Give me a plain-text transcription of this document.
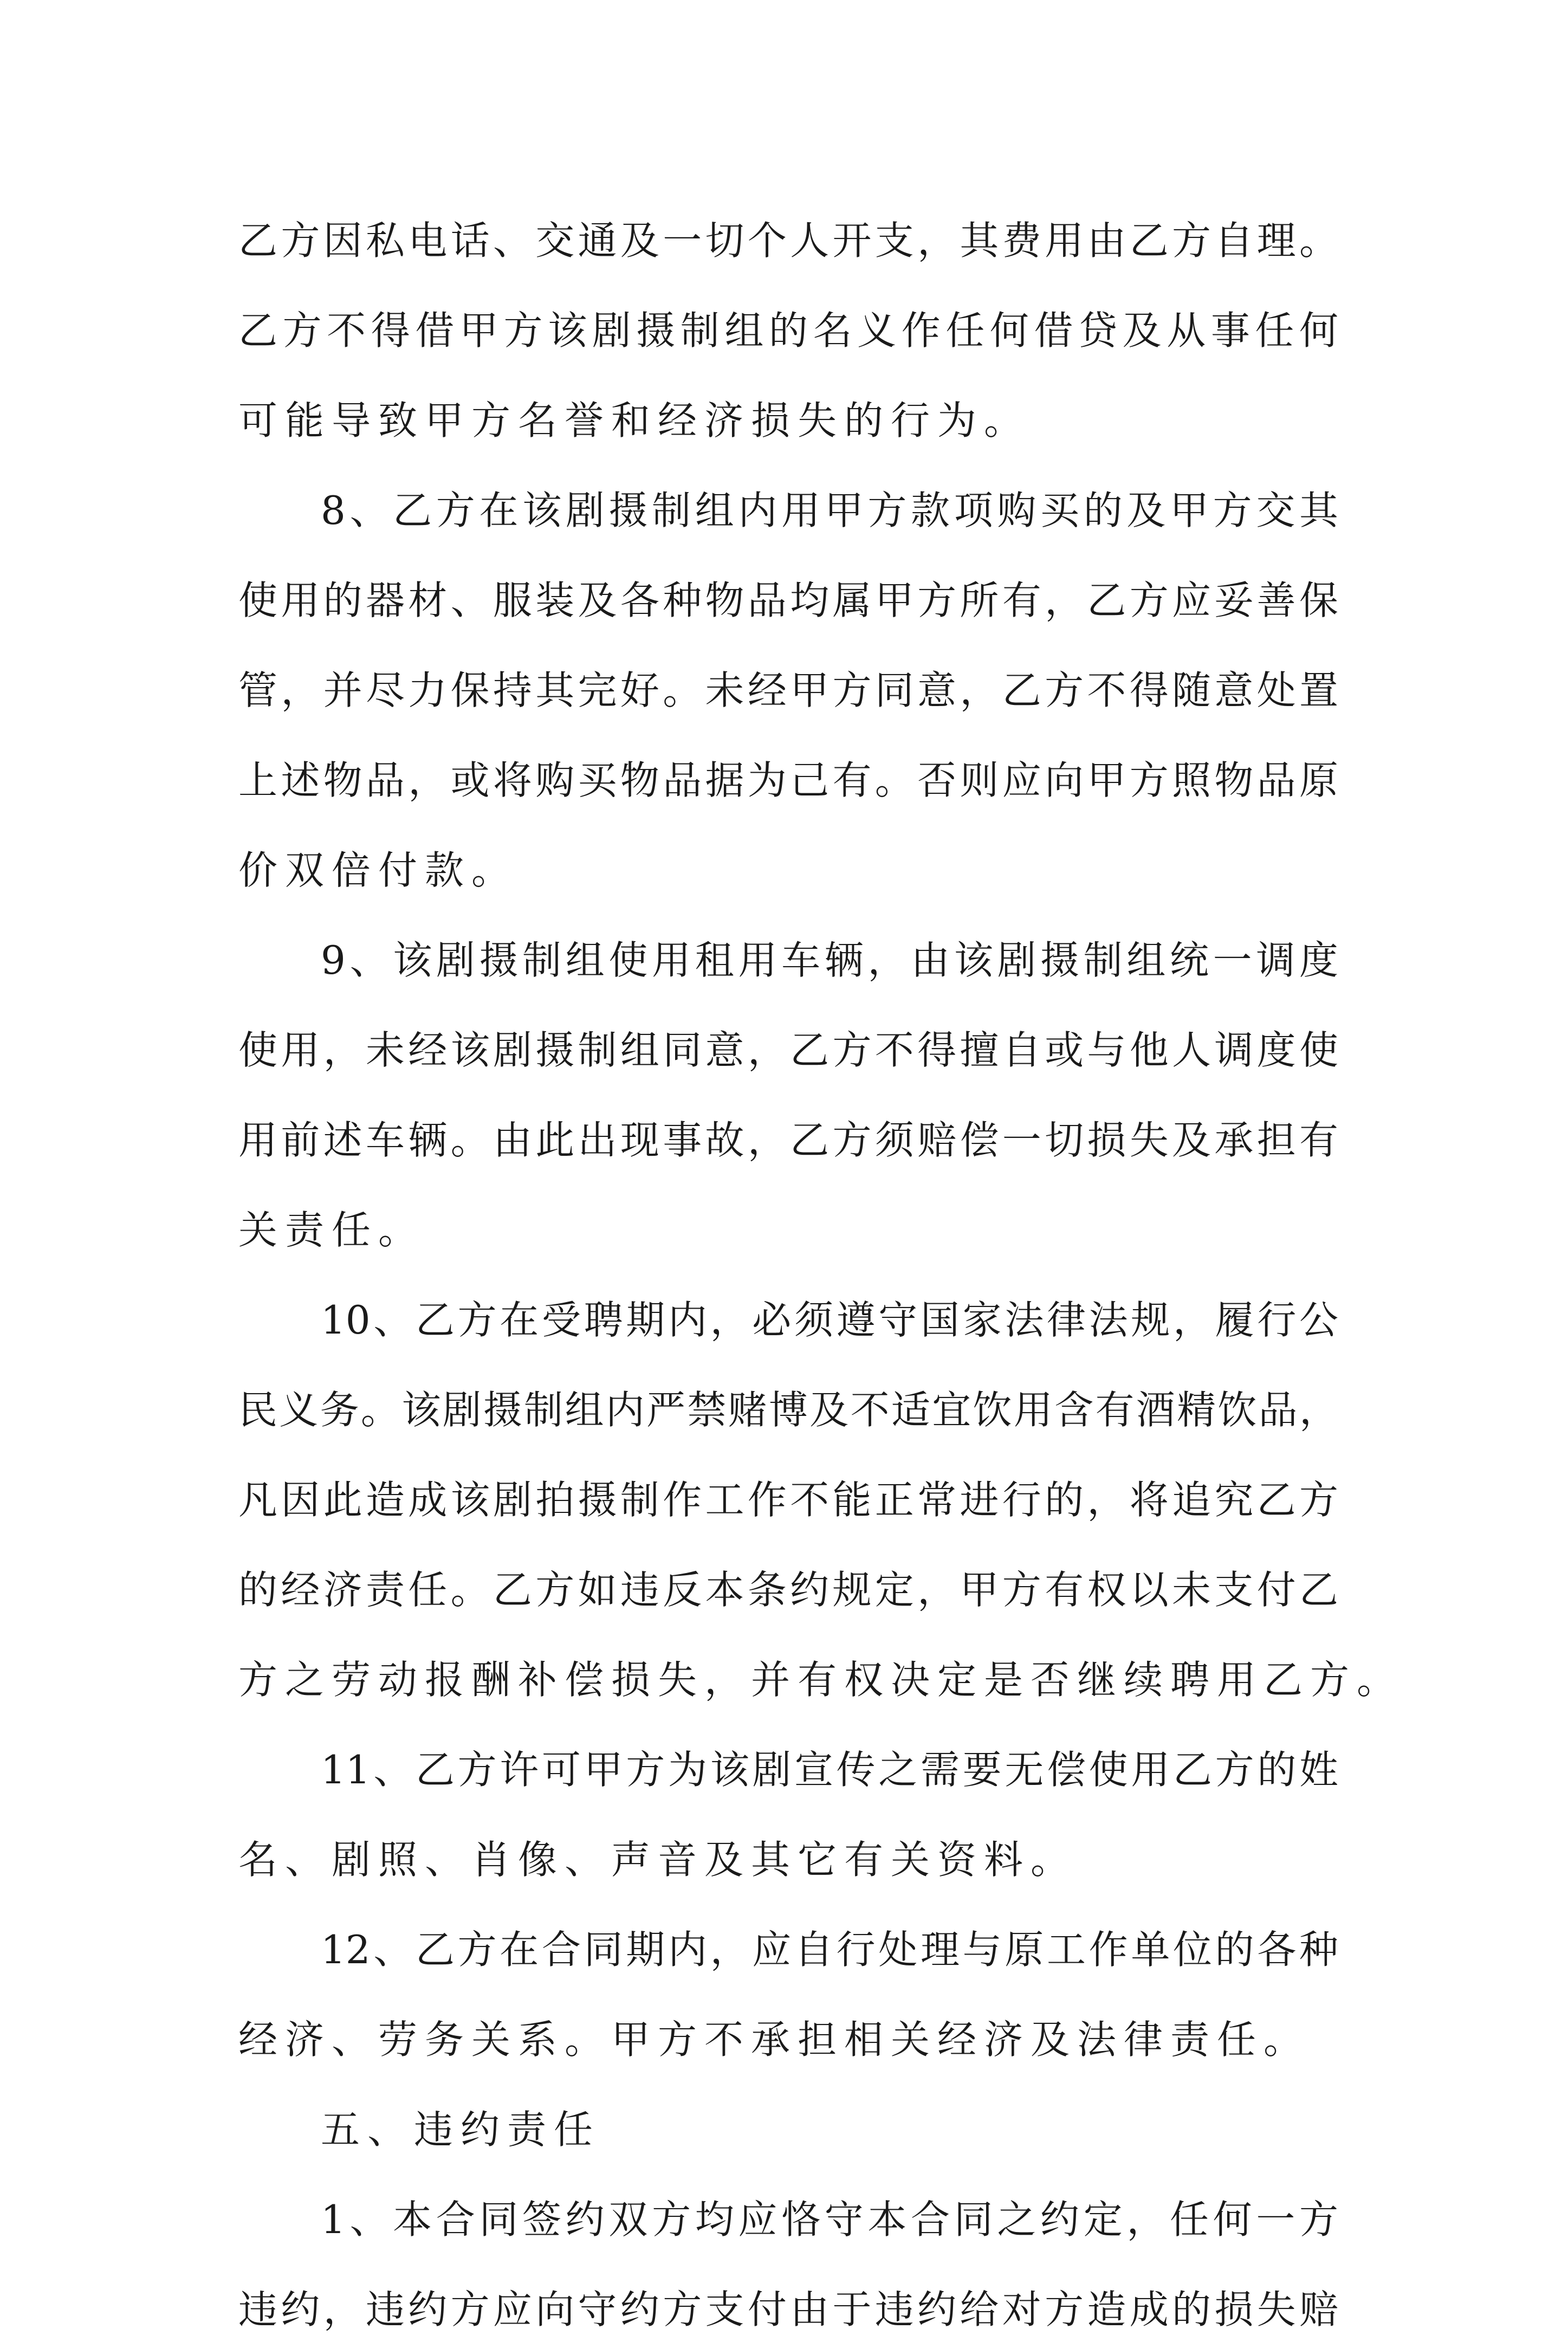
乙方因私电话、交通及一切个人开支，其费用由乙方自理。
乙方不得借甲方该剧摄制组的名义作任何借贷及从事任何
可能导致甲方名誉和经济损失的行为。
8、乙方在该剧摄制组内用甲方款项购买的及甲方交其
使用的器材、服装及各种物品均属甲方所有，乙方应妥善保
管，并尽力保持其完好。未经甲方同意，乙方不得随意处置
上述物品，或将购买物品据为己有。否则应向甲方照物品原
价双倍付款。
9、该剧摄制组使用租用车辆，由该剧摄制组统一调度
使用，未经该剧摄制组同意，乙方不得擅自或与他人调度使
用前述车辆。由此出现事故，乙方须赔偿一切损失及承担有
关责任。
10、乙方在受聘期内，必须遵守国家法律法规，履行公
民义务。该剧摄制组内严禁赌博及不适宜饮用含有酒精饮品，
凡因此造成该剧拍摄制作工作不能正常进行的，将追究乙方
的经济责任。乙方如违反本条约规定，甲方有权以未支付乙
方之劳动报酬补偿损失，并有权决定是否继续聘用乙方。
11、乙方许可甲方为该剧宣传之需要无偿使用乙方的姓
名、剧照、肖像、声音及其它有关资料。
12、乙方在合同期内，应自行处理与原工作单位的各种
经济、劳务关系。甲方不承担相关经济及法律责任。
五、违约责任
1、本合同签约双方均应恪守本合同之约定，任何一方
违约，违约方应向守约方支付由于违约给对方造成的损失赔
